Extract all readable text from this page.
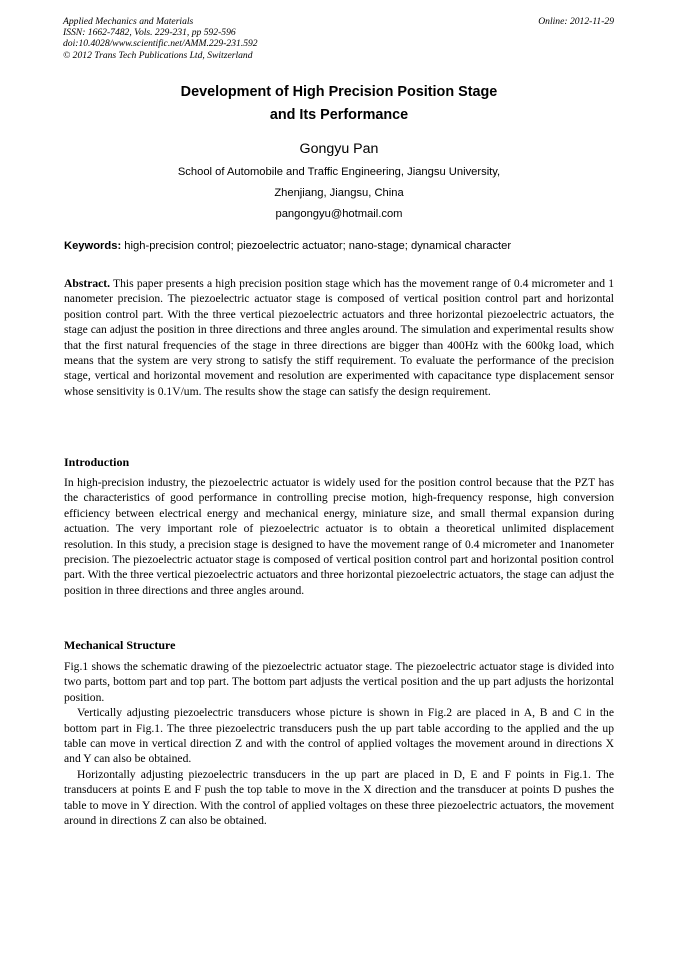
Applied Mechanics and Materials
ISSN: 1662-7482, Vols. 229-231, pp 592-596
doi:10.4028/www.scientific.net/AMM.229-231.592
© 2012 Trans Tech Publications Ltd, Switzerland
Online: 2012-11-29
Development of High Precision Position Stage
and Its Performance
Gongyu Pan
School of Automobile and Traffic Engineering, Jiangsu University,
Zhenjiang, Jiangsu, China
pangongyu@hotmail.com
Keywords: high-precision control; piezoelectric actuator; nano-stage; dynamical character

Abstract. This paper presents a high precision position stage which has the movement range of 0.4 micrometer and 1 nanometer precision. The piezoelectric actuator stage is composed of vertical position control part and horizontal position control part. With the three vertical piezoelectric actuators and three horizontal piezoelectric actuators, the stage can adjust the position in three directions and three angles around. The simulation and experimental results show that the first natural frequencies of the stage in three directions are bigger than 400Hz with the 600kg load, which means that the system are very strong to satisfy the stiff requirement. To evaluate the performance of the precision stage, vertical and horizontal movement and resolution are experimented with capacitance type displacement sensor whose sensitivity is 0.1V/um. The results show the stage can satisfy the design requirement.

Introduction

In high-precision industry, the piezoelectric actuator is widely used for the position control because that the PZT has the characteristics of good performance in controlling precise motion, high-frequency response, high conversion efficiency between electrical energy and mechanical energy, miniature size, and small thermal expansion during actuation. The very important role of piezoelectric actuator is to obtain a theoretical unlimited displacement resolution. In this study, a precision stage is designed to have the movement range of 0.4 micrometer and 1nanometer precision. The piezoelectric actuator stage is composed of vertical position control part and horizontal position control part. With the three vertical piezoelectric actuators and three horizontal piezoelectric actuators, the stage can adjust the position in three directions and three angles around.

Mechanical Structure

Fig.1 shows the schematic drawing of the piezoelectric actuator stage. The piezoelectric actuator stage is divided into two parts, bottom part and top part. The bottom part adjusts the vertical position and the up part adjusts the horizontal position.

Vertically adjusting piezoelectric transducers whose picture is shown in Fig.2 are placed in A, B and C in the bottom part in Fig.1. The three piezoelectric transducers push the up part table according to the applied and the up table can move in vertical direction Z and with the control of applied voltages the movement around in directions X and Y can also be obtained.

Horizontally adjusting piezoelectric transducers in the up part are placed in D, E and F points in Fig.1. The transducers at points E and F push the top table to move in the X direction and the transducer at points D pushes the table to move in Y direction. With the control of applied voltages on these three piezoelectric actuators, the movement around in directions Z can also be obtained.
